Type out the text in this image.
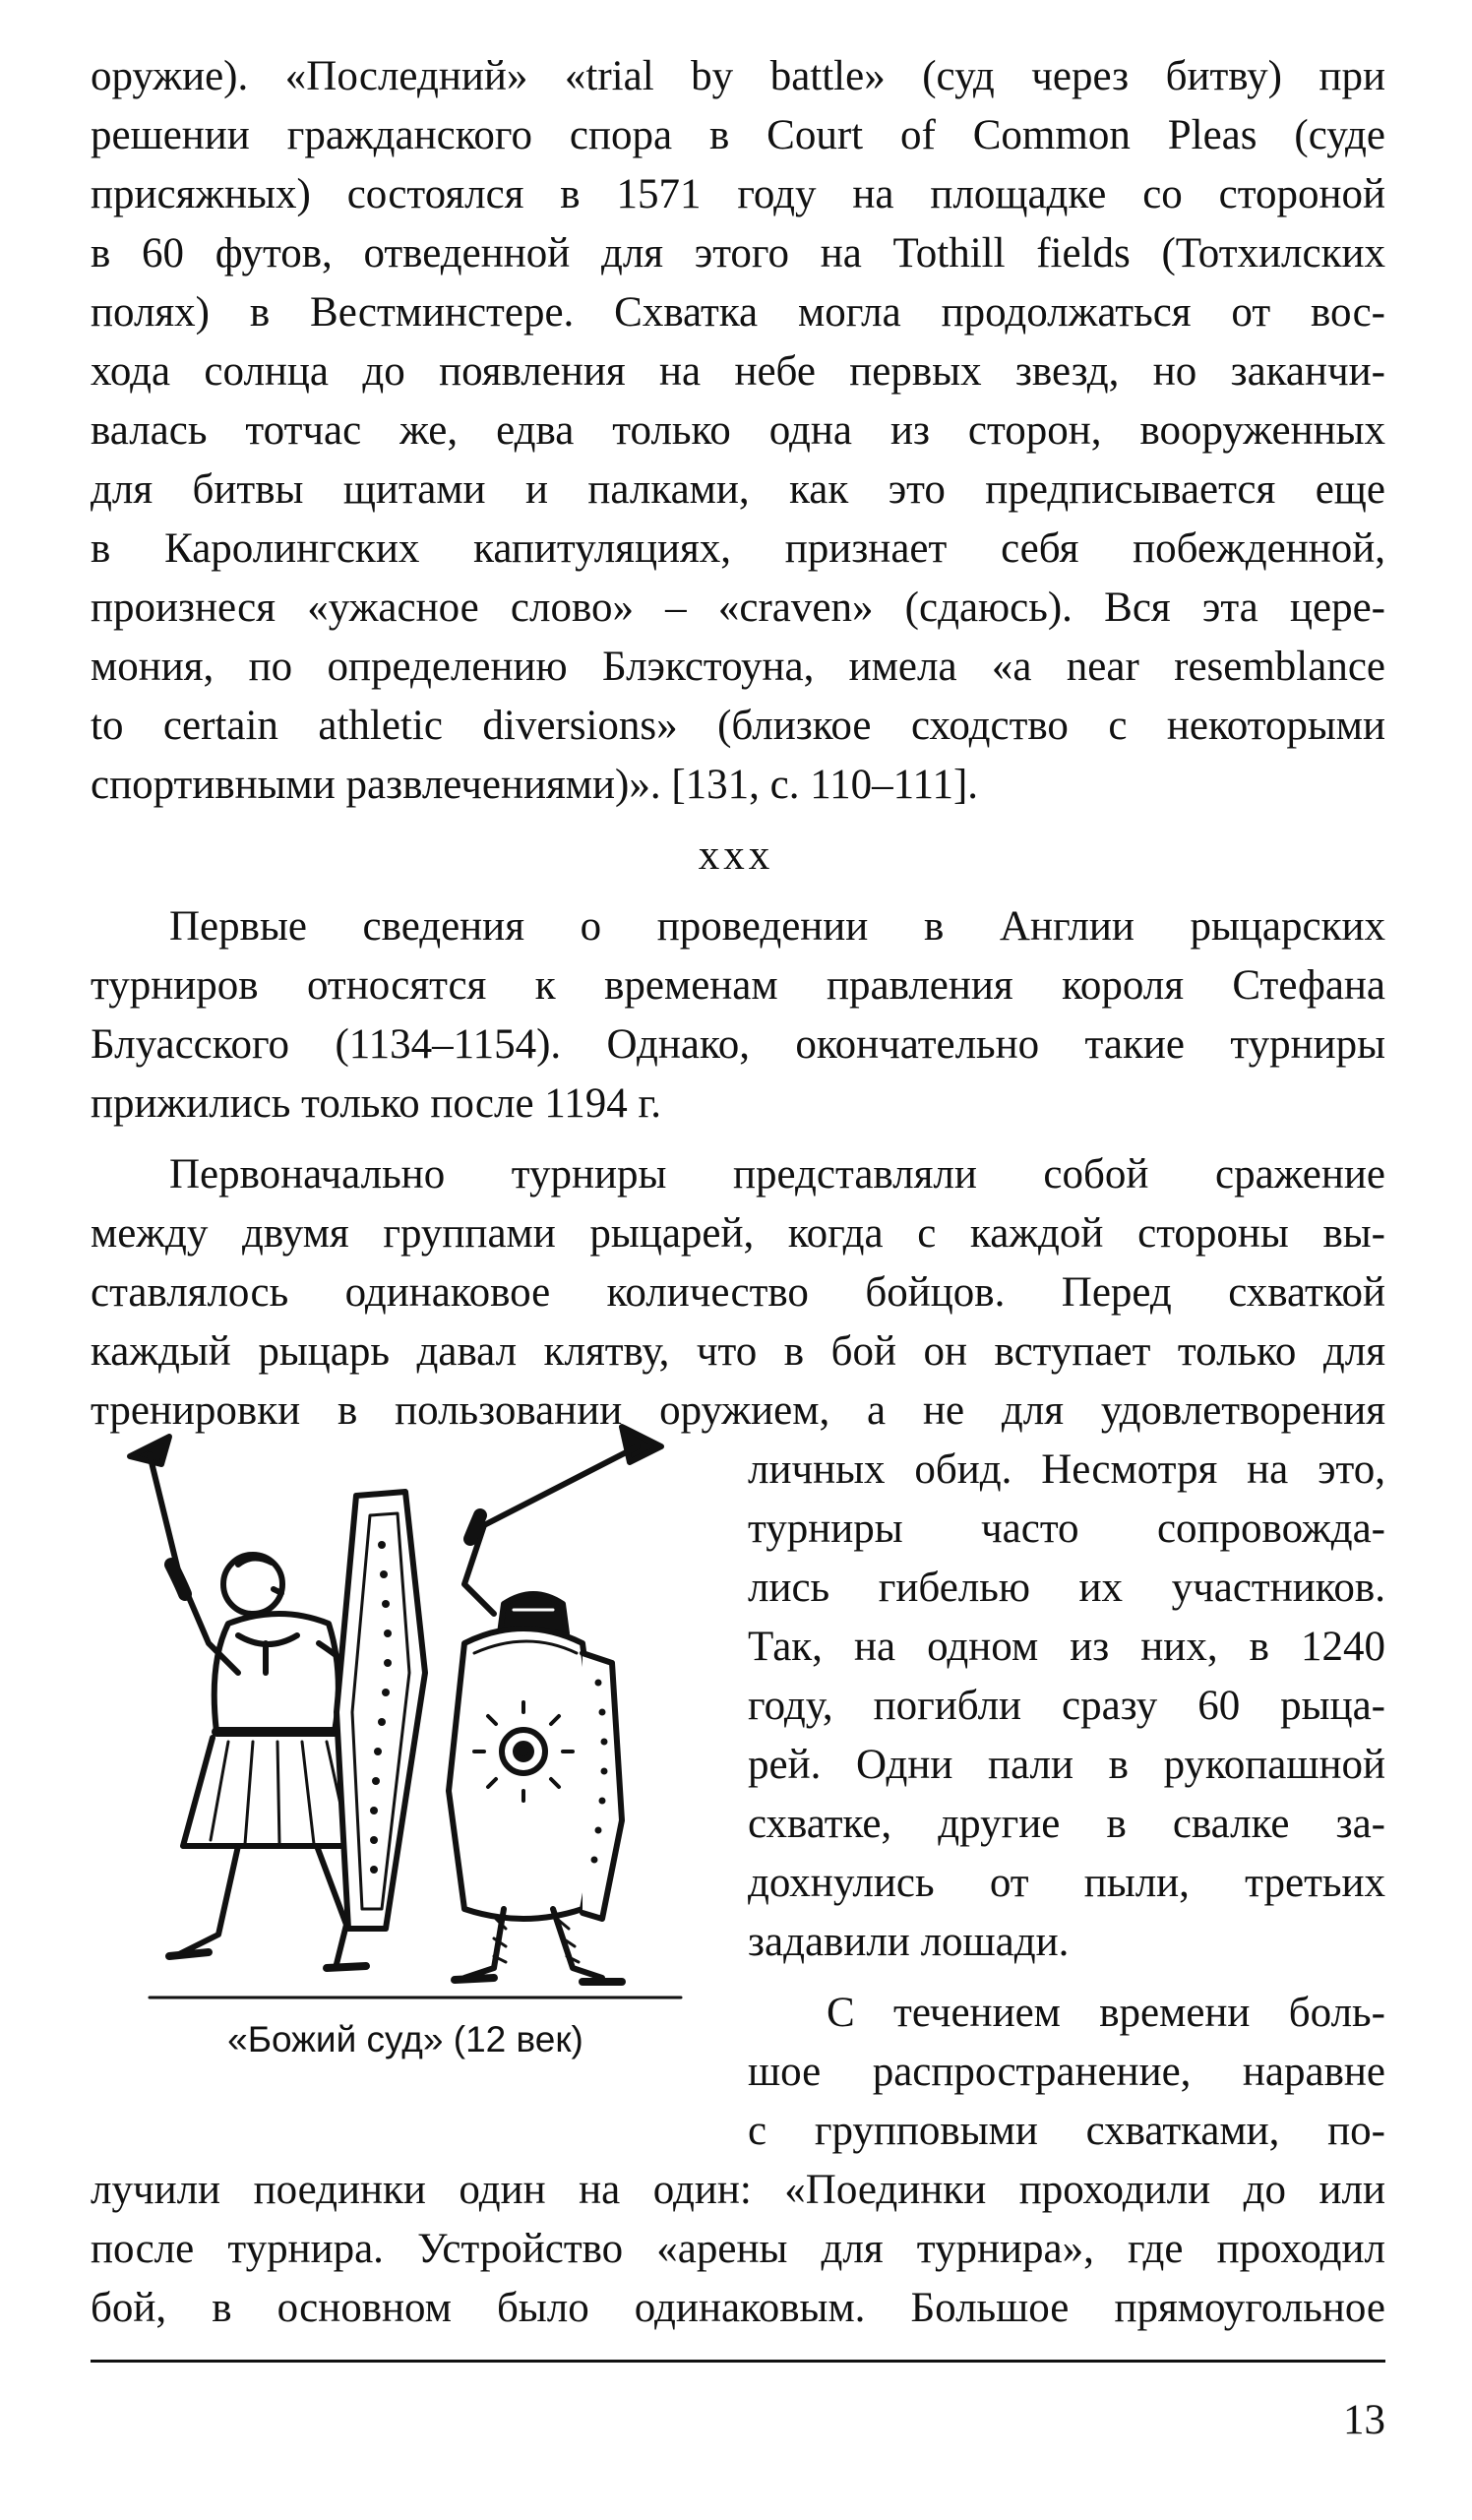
оружие). «Последний» «trial by battle» (суд через битву) при
решении гражданского спора в Court of Common Pleas (суде
присяжных) состоялся в 1571 году на площадке со стороной
в 60 футов, отведенной для этого на Tothill fields (Тотхилских
полях) в Вестминстере. Схватка могла продолжаться от вос-
хода солнца до появления на небе первых звезд, но заканчи-
валась тотчас же, едва только одна из сторон, вооруженных
для битвы щитами и палками, как это предписывается еще
в Каролингских капитуляциях, признает себя побежденной,
произнеся «ужасное слово» – «craven» (сдаюсь). Вся эта цере-
мония, по определению Блэкстоуна, имела «a near resemblance
to certain athletic diversions» (близкое сходство с некоторыми
спортивными развлечениями)». [131, с. 110–111].
ххх
Первые сведения о проведении в Англии рыцарских
турниров относятся к временам правления короля Стефана
Блуасского (1134–1154). Однако, окончательно такие турниры
прижились только после 1194 г.
Первоначально турниры представляли собой сражение
между двумя группами рыцарей, когда с каждой стороны вы-
ставлялось одинаковое количество бойцов. Перед схваткой
каждый рыцарь давал клятву, что в бой он вступает только для
тренировки в пользовании оружием, а не для удовлетворения
личных обид. Несмотря на это,
турниры часто сопровожда-
лись гибелью их участников.
Так, на одном из них, в 1240
году, погибли сразу 60 рыца-
рей. Одни пали в рукопашной
схватке, другие в свалке за-
дохнулись от пыли, третьих
задавили лошади.
С течением времени боль-
шое распространение, наравне
с групповыми схватками, по-
лучили поединки один на один: «Поединки проходили до или
после турнира. Устройство «арены для турнира», где проходил
бой, в основном было одинаковым. Большое прямоугольное
«Божий суд» (12 век)
13
